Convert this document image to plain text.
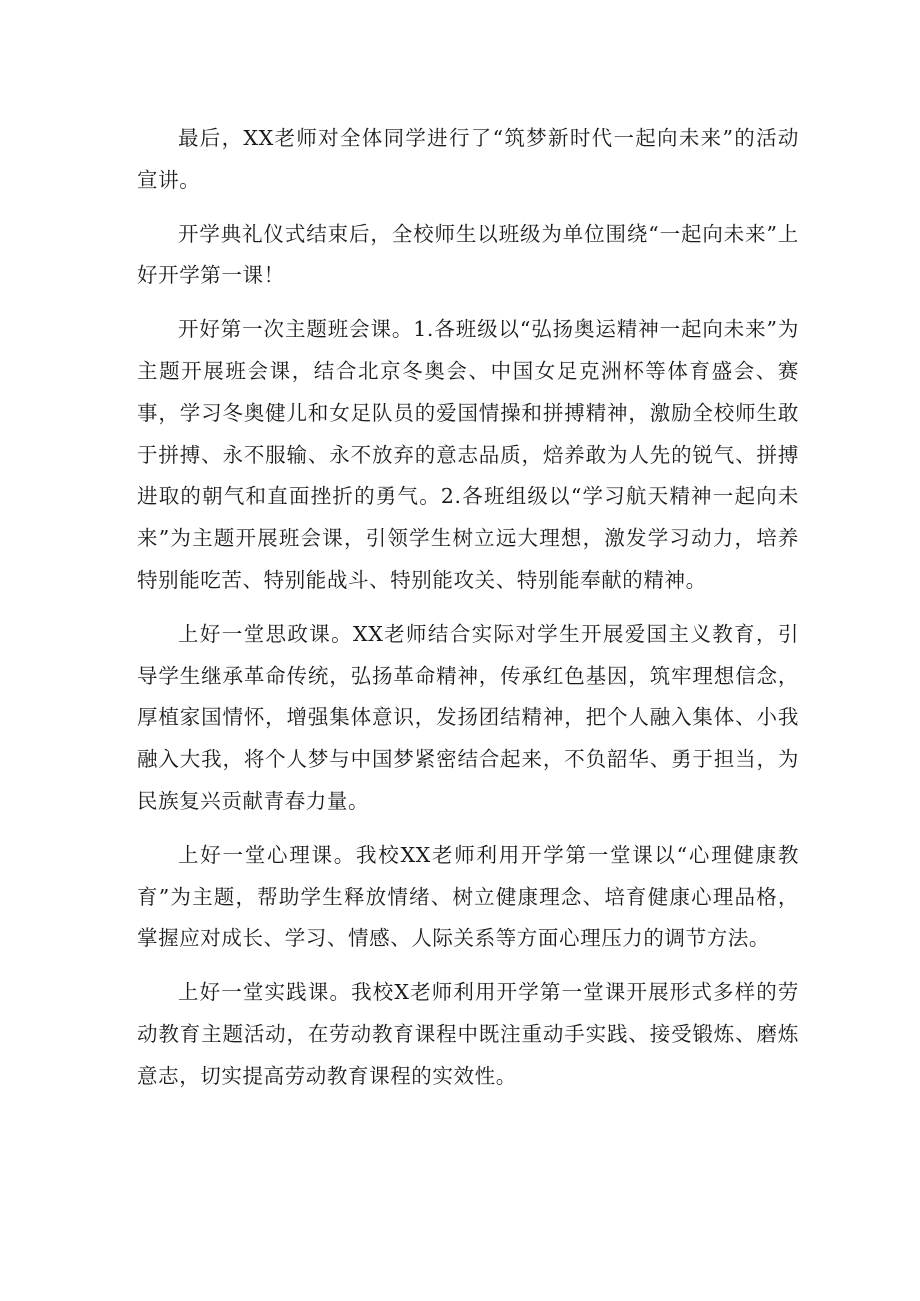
最后，XX老师对全体同学进行了“筑梦新时代一起向未来”的活动宣讲。

开学典礼仪式结束后，全校师生以班级为单位围绕“一起向未来”上好开学第一课！

开好第一次主题班会课。1.各班级以“弘扬奥运精神一起向未来”为主题开展班会课，结合北京冬奥会、中国女足克洲杯等体育盛会、赛事，学习冬奥健儿和女足队员的爱国情操和拼搏精神，激励全校师生敢于拼搏、永不服输、永不放弃的意志品质，焙养敢为人先的锐气、拼搏进取的朝气和直面挫折的勇气。2.各班组级以“学习航天精神一起向未来”为主题开展班会课，引领学生树立远大理想，激发学习动力，培养特别能吃苦、特别能战斗、特别能攻关、特别能奉献的精神。

上好一堂思政课。XX老师结合实际对学生开展爱国主义教育，引导学生继承革命传统，弘扬革命精神，传承红色基因，筑牢理想信念，厚植家国情怀，增强集体意识，发扬团结精神，把个人融入集体、小我融入大我，将个人梦与中国梦紧密结合起来，不负韶华、勇于担当，为民族复兴贡献青春力量。

上好一堂心理课。我校XX老师利用开学第一堂课以“心理健康教育”为主题，帮助学生释放情绪、树立健康理念、培育健康心理品格，掌握应对成长、学习、情感、人际关系等方面心理压力的调节方法。

上好一堂实践课。我校X老师利用开学第一堂课开展形式多样的劳动教育主题活动，在劳动教育课程中既注重动手实践、接受锻炼、磨炼意志，切实提高劳动教育课程的实效性。
